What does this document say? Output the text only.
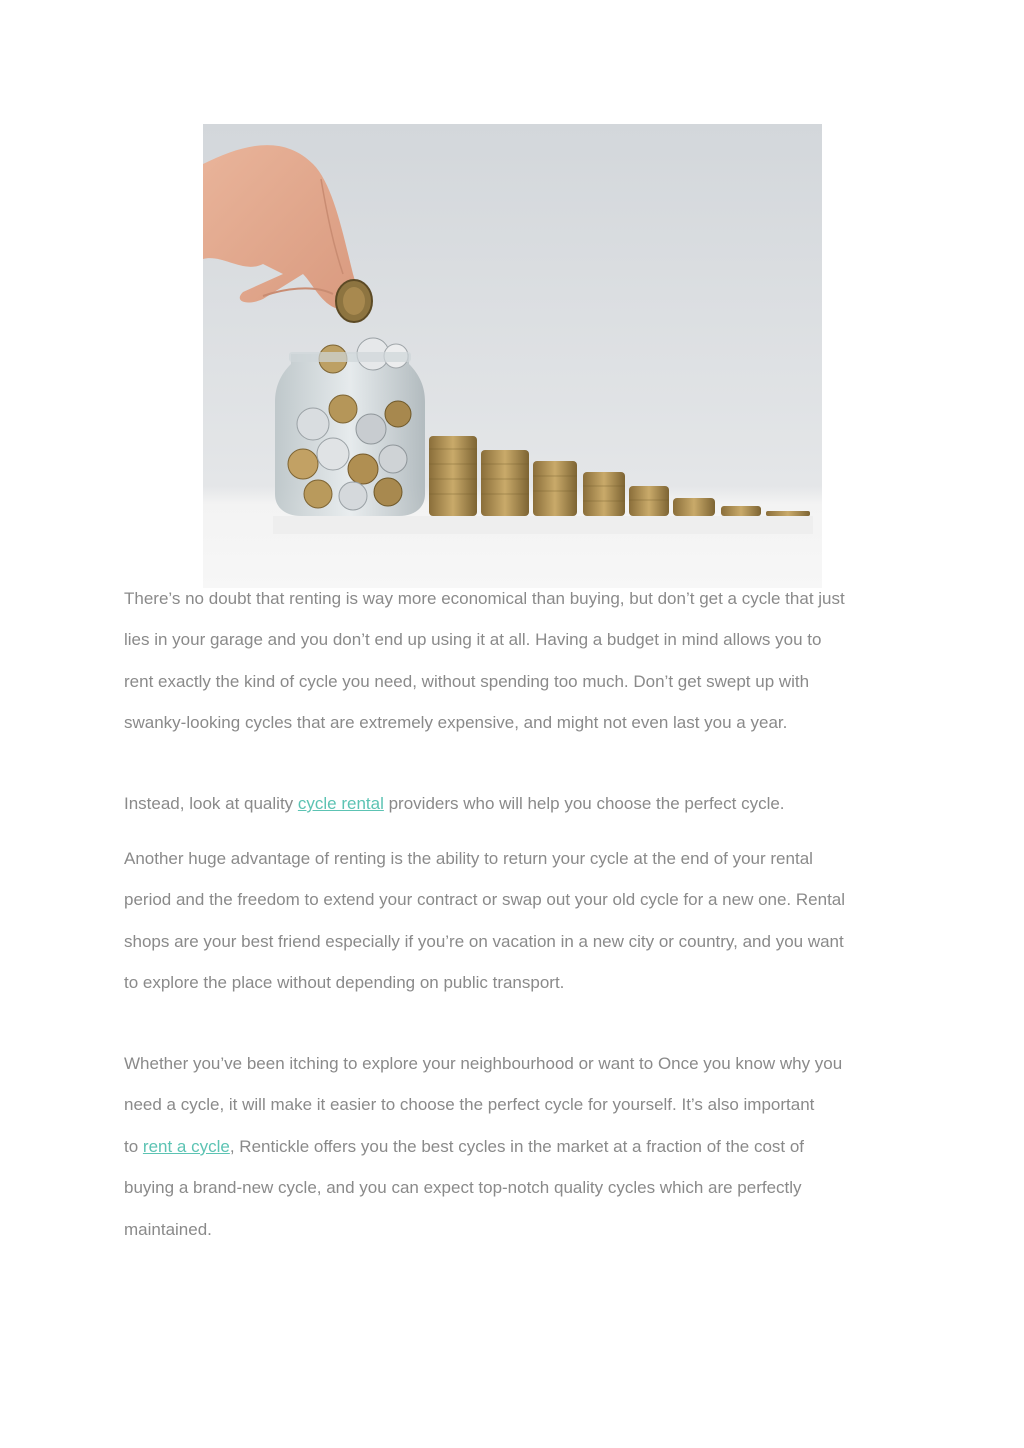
There’s no doubt that renting is way more economical than buying, but don’t get a cycle that just
lies in your garage and you don’t end up using it at all. Having a budget in mind allows you to
rent exactly the kind of cycle you need, without spending too much. Don’t get swept up with
swanky-looking cycles that are extremely expensive, and might not even last you a year.

Instead, look at quality cycle rental providers who will help you choose the perfect cycle.

Another huge advantage of renting is the ability to return your cycle at the end of your rental
period and the freedom to extend your contract or swap out your old cycle for a new one. Rental
shops are your best friend especially if you’re on vacation in a new city or country, and you want
to explore the place without depending on public transport.

Whether you’ve been itching to explore your neighbourhood or want to Once you know why you
need a cycle, it will make it easier to choose the perfect cycle for yourself. It’s also important
to rent a cycle, Rentickle offers you the best cycles in the market at a fraction of the cost of
buying a brand-new cycle, and you can expect top-notch quality cycles which are perfectly
maintained.
